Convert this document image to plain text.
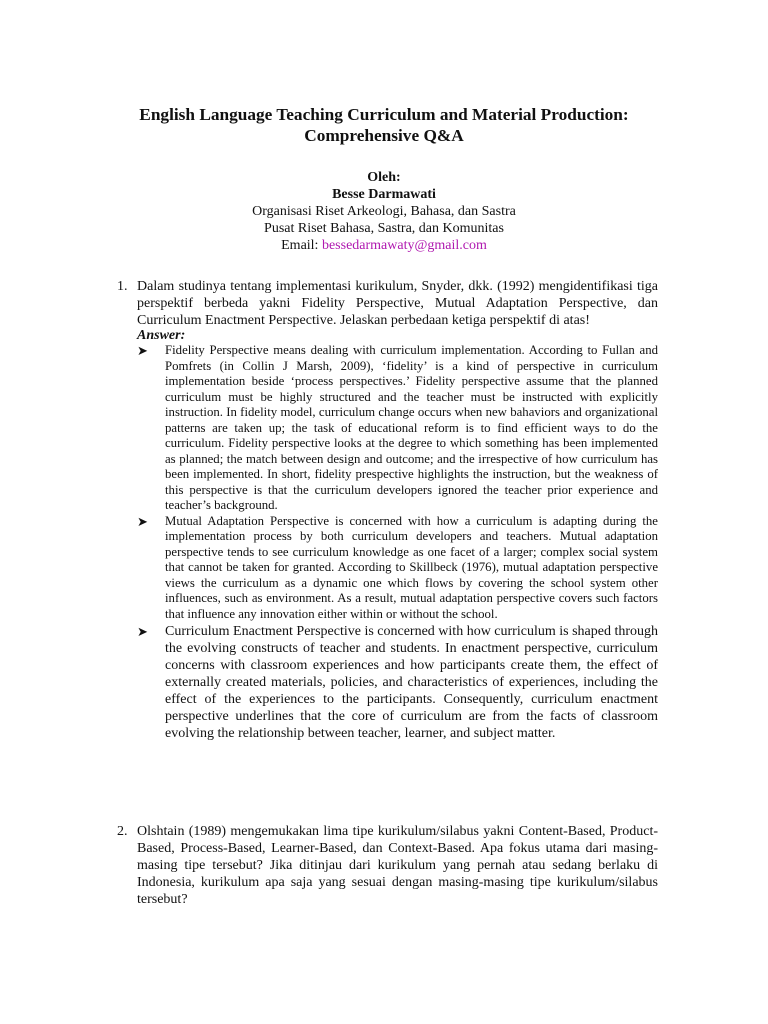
English Language Teaching Curriculum and Material Production:
Comprehensive Q&A

Oleh:
Besse Darmawati
Organisasi Riset Arkeologi, Bahasa, dan Sastra
Pusat Riset Bahasa, Sastra, dan Komunitas
Email: bessedarmawaty@gmail.com
1. Dalam studinya tentang implementasi kurikulum, Snyder, dkk. (1992) mengidentifikasi tiga perspektif berbeda yakni Fidelity Perspective, Mutual Adaptation Perspective, dan Curriculum Enactment Perspective. Jelaskan perbedaan ketiga perspektif di atas!
Answer:
➤ Fidelity Perspective means dealing with curriculum implementation. According to Fullan and Pomfrets (in Collin J Marsh, 2009), ‘fidelity’ is a kind of perspective in curriculum implementation beside ‘process perspectives.’ Fidelity perspective assume that the planned curriculum must be highly structured and the teacher must be instructed with explicitly instruction. In fidelity model, curriculum change occurs when new bahaviors and organizational patterns are taken up; the task of educational reform is to find efficient ways to do the curriculum. Fidelity perspective looks at the degree to which something has been implemented as planned; the match between design and outcome; and the irrespective of how curriculum has been implemented. In short, fidelity prespective highlights the instruction, but the weakness of this perspective is that the curriculum developers ignored the teacher prior experience and teacher’s background.
➤ Mutual Adaptation Perspective is concerned with how a curriculum is adapting during the implementation process by both curriculum developers and teachers. Mutual adaptation perspective tends to see curriculum knowledge as one facet of a larger; complex social system that cannot be taken for granted. According to Skillbeck (1976), mutual adaptation perspective views the curriculum as a dynamic one which flows by covering the school system other influences, such as environment. As a result, mutual adaptation perspective covers such factors that influence any innovation either within or without the school.
➤ Curriculum Enactment Perspective is concerned with how curriculum is shaped through the evolving constructs of teacher and students. In enactment perspective, curriculum concerns with classroom experiences and how participants create them, the effect of externally created materials, policies, and characteristics of experiences, including the effect of the experiences to the participants. Consequently, curriculum enactment perspective underlines that the core of curriculum are from the facts of classroom evolving the relationship between teacher, learner, and subject matter.
2. Olshtain (1989) mengemukakan lima tipe kurikulum/silabus yakni Content-Based, Product-Based, Process-Based, Learner-Based, dan Context-Based. Apa fokus utama dari masing-masing tipe tersebut? Jika ditinjau dari kurikulum yang pernah atau sedang berlaku di Indonesia, kurikulum apa saja yang sesuai dengan masing-masing tipe kurikulum/silabus tersebut?
